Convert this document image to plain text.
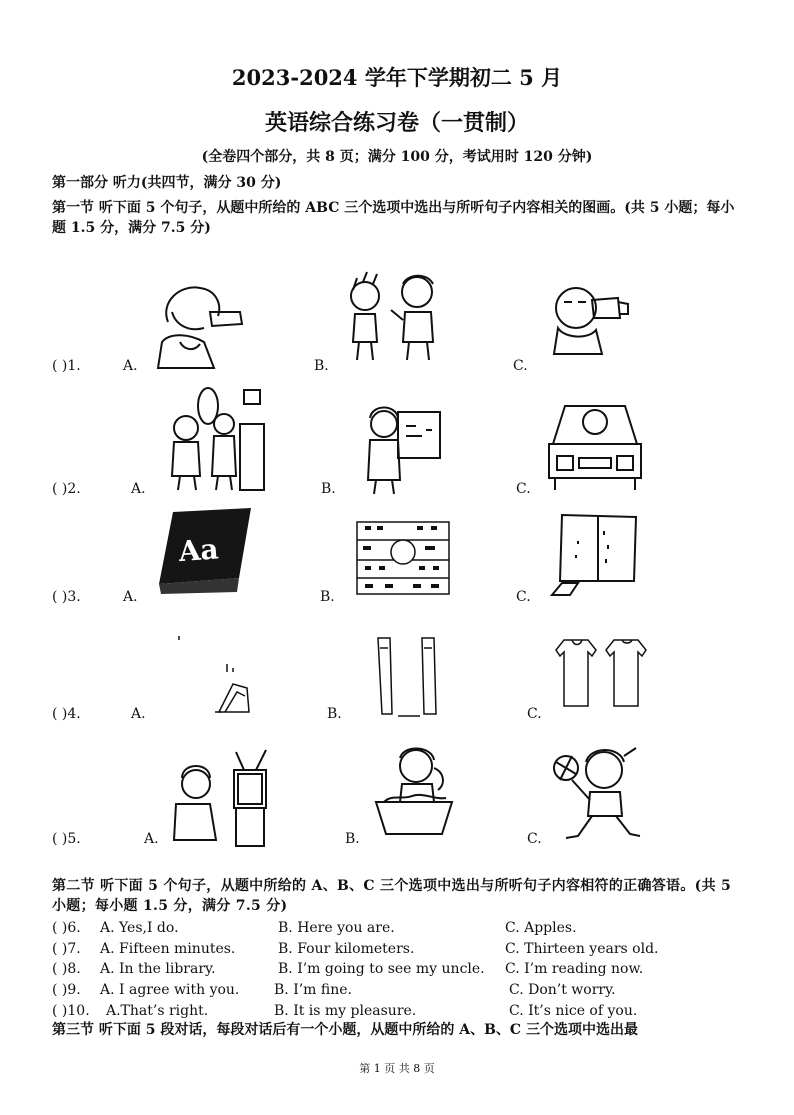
2023-2024 学年下学期初二 5 月
英语综合练习卷（一贯制）
(全卷四个部分，共 8 页；满分 100 分，考试用时 120 分钟)
第一部分 听力(共四节，满分 30 分)
第一节 听下面 5 个句子，从题中所给的 ABC 三个选项中选出与所听句子内容相关的图画。(共 5 小题；每小题 1.5 分，满分 7.5 分)
( )1.	A.	B.	C.
( )2.	A.	B.	C.
( )3.	A.	B.	C.
Aa
( )4.	A.	B.	C.
( )5.	A.	B.	C.
第二节 听下面 5 个句子，从题中所给的 A、B、C 三个选项中选出与所听句子内容相符的正确答语。(共 5 小题；每小题 1.5 分，满分 7.5 分)
( )6. A. Yes,I do.	B. Here you are.	C. Apples.
( )7. A. Fifteen minutes.	B. Four kilometers.	C. Thirteen years old.
( )8. A. In the library.	B. I’m going to see my uncle. C. I’m reading now.
( )9. A. I agree with you. B. I’m fine.	C. Don’t worry.
( )10. A.That’s right.	B. It is my pleasure.	C. It’s nice of you.
第三节 听下面 5 段对话，每段对话后有一个小题，从题中所给的 A、B、C 三个选项中选出最
第 1 页 共 8 页
